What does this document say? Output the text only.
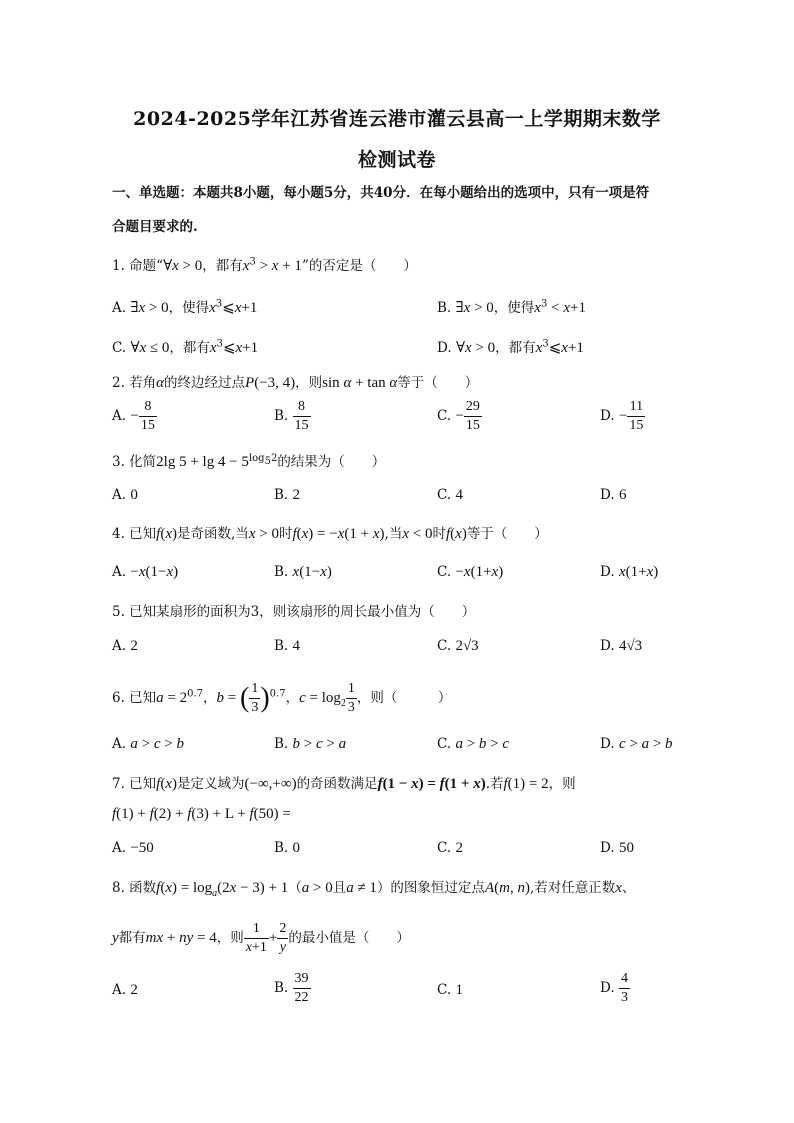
2024-2025学年江苏省连云港市灌云县高一上学期期末数学
检测试卷
一、单选题：本题共8小题，每小题5分，共40分．在每小题给出的选项中，只有一项是符
合题目要求的.
1. 命题“∀x > 0，都有$x^3 > x + 1$”的否定是（　　）
A. ∃x > 0，使得$x^3⩽x+1$	B. ∃x > 0，使得$x^3 < x+1$
C. ∀x ≤ 0，都有$x^3⩽x+1$	D. ∀x > 0，都有$x^3⩽x+1$
2. 若角α的终边经过点P(−3, 4)，则sin α + tan α等于（　　）
A. − $\frac{8}{15}$	B. $\frac{8}{15}$	C. − $\frac{29}{15}$	D. − $\frac{11}{15}$
3. 化简2lg $5 + \lg 4 - 5^{log_52}$的结果为（　　）
A. 0	B. 2	C. 4	D. 6
4. 已知f(x)是奇函数,当x > 0时f(x) = −x(1 + x),当x < 0时f(x)等于（　　）
A. −x(1−x)	B. x(1−x)	C. −x(1+x)	D. x(1+x)
5. 已知某扇形的面积为3，则该扇形的周长最小值为（　　）
A. 2	B. 4	C. 2√3	D. 4√3
6. 已知$a = 2^{0.7}$，b = ( $\frac{1}{3} )^{0.7}$，$c = \log_2 \frac{1}{3}$ ，则（　　　）
A. a > c > b	B. b > c > a	C. a > b > c	D. c > a > b
7. 已知f(x)是定义域为(−∞,+∞)的奇函数满足f(1 − x) = f(1 + x).若f(1) = 2，则
f(1) + f(2) + f(3) + L + f(50) =
A. −50	B. 0	C. 2	D. 50
8. 函数$f(x) = \log_a(2x - 3) + 1(a > 0$且a ≠ 1）的图象恒过定点A(m, n),若对任意正数x、
y都有mx + ny = 4，则 $\frac{1}{x+1} + \frac{2}{y}$ 的最小值是（　　）
A. 2	B. $\frac{39}{22}$	C. 1	D. $\frac{4}{3}$
